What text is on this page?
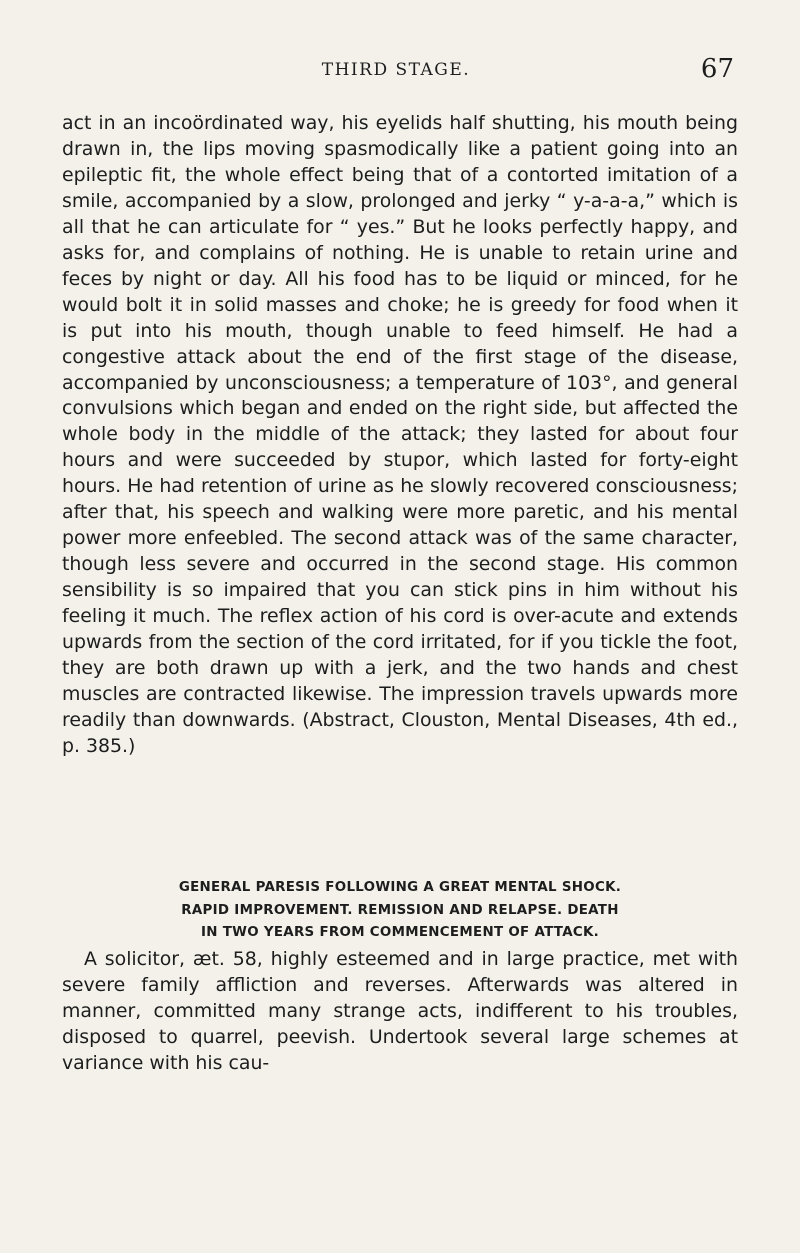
THIRD STAGE.	67

act in an incoördinated way, his eyelids half shutting, his mouth being drawn in, the lips moving spasmodically like a patient going into an epileptic fit, the whole effect being that of a contorted imitation of a smile, accompanied by a slow, prolonged and jerky “ y-a-a-a,” which is all that he can articulate for “ yes.” But he looks perfectly happy, and asks for, and complains of nothing. He is unable to retain urine and feces by night or day. All his food has to be liquid or minced, for he would bolt it in solid masses and choke; he is greedy for food when it is put into his mouth, though unable to feed himself. He had a congestive attack about the end of the first stage of the disease, accompanied by unconsciousness; a temperature of 103°, and general convulsions which began and ended on the right side, but affected the whole body in the middle of the attack; they lasted for about four hours and were succeeded by stupor, which lasted for forty-eight hours. He had retention of urine as he slowly recovered consciousness; after that, his speech and walking were more paretic, and his mental power more enfeebled. The second attack was of the same character, though less severe and occurred in the second stage. His common sensibility is so impaired that you can stick pins in him without his feeling it much. The reflex action of his cord is over-acute and extends upwards from the section of the cord irritated, for if you tickle the foot, they are both drawn up with a jerk, and the two hands and chest muscles are contracted likewise. The impression travels upwards more readily than downwards. (Abstract, Clouston, Mental Diseases, 4th ed., p. 385.)

GENERAL PARESIS FOLLOWING A GREAT MENTAL SHOCK.
RAPID IMPROVEMENT. REMISSION AND RELAPSE. DEATH
IN TWO YEARS FROM COMMENCEMENT OF ATTACK.

A solicitor, æt. 58, highly esteemed and in large practice, met with severe family affliction and reverses. Afterwards was altered in manner, committed many strange acts, indifferent to his troubles, disposed to quarrel, peevish. Undertook several large schemes at variance with his cau-
